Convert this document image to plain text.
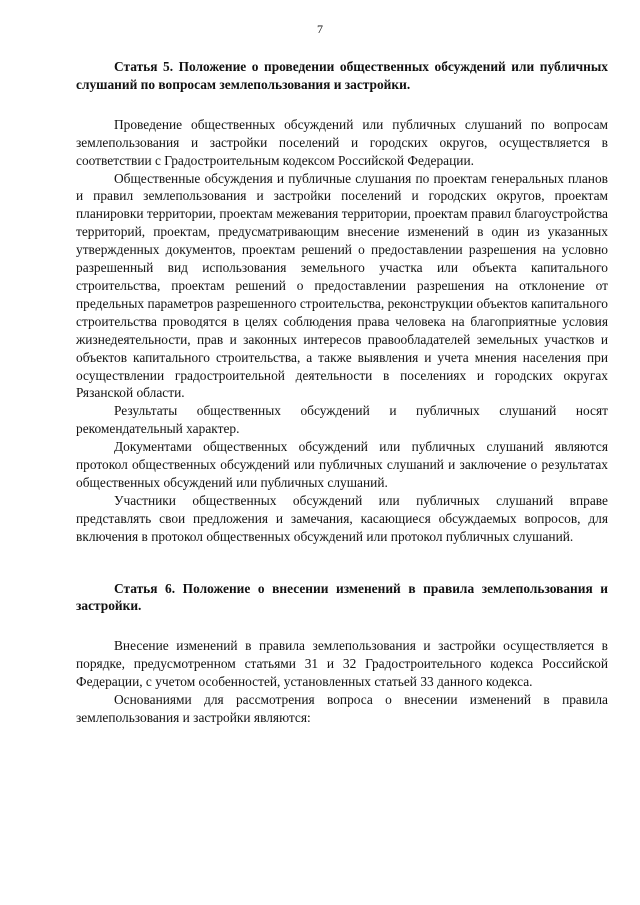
7

Статья 5. Положение о проведении общественных обсуждений или публичных слушаний по вопросам землепользования и застройки.

Проведение общественных обсуждений или публичных слушаний по вопросам землепользования и застройки поселений и городских округов, осуществляется в соответствии с Градостроительным кодексом Российской Федерации.

Общественные обсуждения и публичные слушания по проектам генеральных планов и правил землепользования и застройки поселений и городских округов, проектам планировки территории, проектам межевания территории, проектам правил благоустройства территорий, проектам, предусматривающим внесение изменений в один из указанных утвержденных документов, проектам решений о предоставлении разрешения на условно разрешенный вид использования земельного участка или объекта капитального строительства, проектам решений о предоставлении разрешения на отклонение от предельных параметров разрешенного строительства, реконструкции объектов капитального строительства проводятся в целях соблюдения права человека на благоприятные условия жизнедеятельности, прав и законных интересов правообладателей земельных участков и объектов капитального строительства, а также выявления и учета мнения населения при осуществлении градостроительной деятельности в поселениях и городских округах Рязанской области.

Результаты общественных обсуждений и публичных слушаний носят рекомендательный характер.

Документами общественных обсуждений или публичных слушаний являются протокол общественных обсуждений или публичных слушаний и заключение о результатах общественных обсуждений или публичных слушаний.

Участники общественных обсуждений или публичных слушаний вправе представлять свои предложения и замечания, касающиеся обсуждаемых вопросов, для включения в протокол общественных обсуждений или протокол публичных слушаний.

Статья 6. Положение о внесении изменений в правила землепользования и застройки.

Внесение изменений в правила землепользования и застройки осуществляется в порядке, предусмотренном статьями 31 и 32 Градостроительного кодекса Российской Федерации, с учетом особенностей, установленных статьей 33 данного кодекса.

Основаниями для рассмотрения вопроса о внесении изменений в правила землепользования и застройки являются:
